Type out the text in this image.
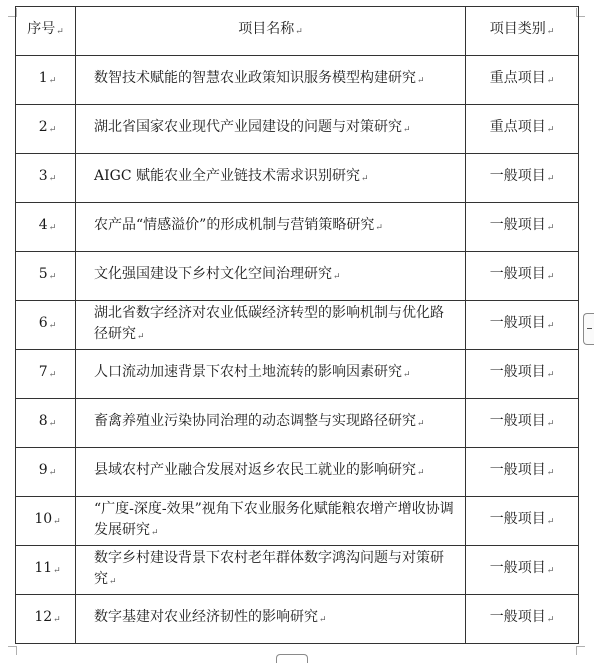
序号↵	项目名称↵	项目类别↵
1↵	数智技术赋能的智慧农业政策知识服务模型构建研究↵	重点项目↵
2↵	湖北省国家农业现代产业园建设的问题与对策研究↵	重点项目↵
3↵	AIGC 赋能农业全产业链技术需求识别研究↵	一般项目↵
4↵	农产品“情感溢价”的形成机制与营销策略研究↵	一般项目↵
5↵	文化强国建设下乡村文化空间治理研究↵	一般项目↵
6↵	湖北省数字经济对农业低碳经济转型的影响机制与优化路径研究↵	一般项目↵
7↵	人口流动加速背景下农村土地流转的影响因素研究↵	一般项目↵
8↵	畜禽养殖业污染协同治理的动态调整与实现路径研究↵	一般项目↵
9↵	县域农村产业融合发展对返乡农民工就业的影响研究↵	一般项目↵
10↵	“广度-深度-效果”视角下农业服务化赋能粮农增产增收协调发展研究↵	一般项目↵
11↵	数字乡村建设背景下农村老年群体数字鸿沟问题与对策研究↵	一般项目↵
12↵	数字基建对农业经济韧性的影响研究↵	一般项目↵
